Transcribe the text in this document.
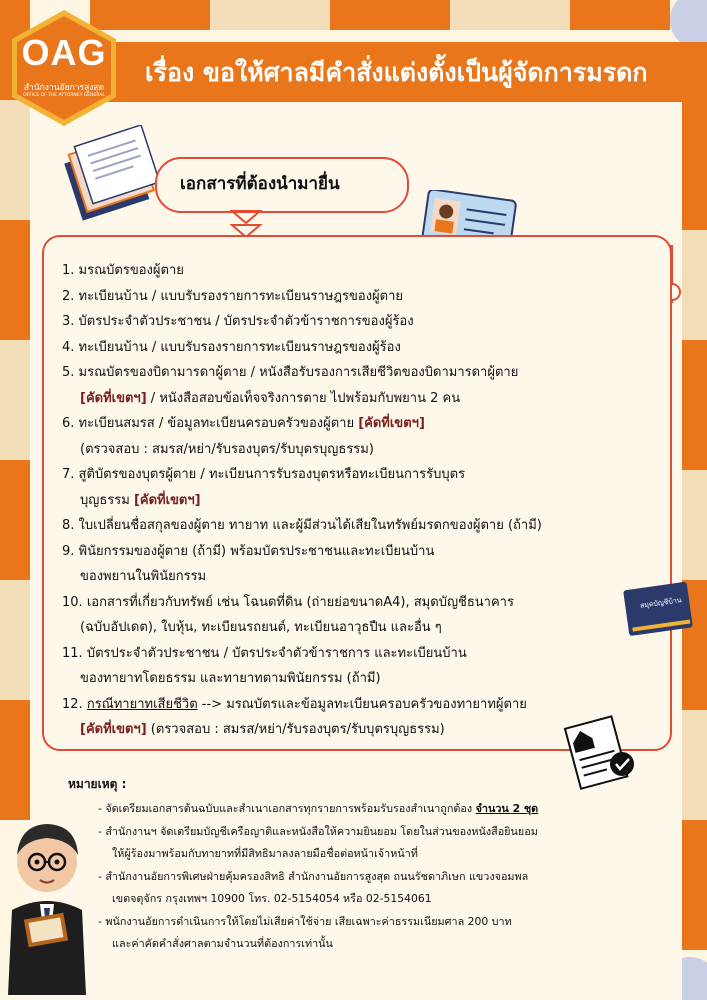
เรื่อง ขอให้ศาลมีคำสั่งแต่งตั้งเป็นผู้จัดการมรดก
OAG
สำนักงานอัยการสูงสุด
OFFICE OF THE ATTORNEY GENERAL
เอกสารที่ต้องนำมายื่น
1. มรณบัตรของผู้ตาย
2. ทะเบียนบ้าน / แบบรับรองรายการทะเบียนราษฎรของผู้ตาย
3. บัตรประจำตัวประชาชน / บัตรประจำตัวข้าราชการของผู้ร้อง
4. ทะเบียนบ้าน / แบบรับรองรายการทะเบียนราษฎรของผู้ร้อง
5. มรณบัตรของบิดามารดาผู้ตาย / หนังสือรับรองการเสียชีวิตของบิดามารดาผู้ตาย
[คัดที่เขตฯ] / หนังสือสอบข้อเท็จจริงการตาย ไปพร้อมกับพยาน 2 คน
6. ทะเบียนสมรส / ข้อมูลทะเบียนครอบครัวของผู้ตาย [คัดที่เขตฯ]
(ตรวจสอบ : สมรส/หย่า/รับรองบุตร/รับบุตรบุญธรรม)
7. สูติบัตรของบุตรผู้ตาย / ทะเบียนการรับรองบุตรหรือทะเบียนการรับบุตร
บุญธรรม [คัดที่เขตฯ]
8. ใบเปลี่ยนชื่อสกุลของผู้ตาย ทายาท และผู้มีส่วนได้เสียในทรัพย์มรดกของผู้ตาย (ถ้ามี)
9. พินัยกรรมของผู้ตาย (ถ้ามี) พร้อมบัตรประชาชนและทะเบียนบ้าน
ของพยานในพินัยกรรม
10. เอกสารที่เกี่ยวกับทรัพย์ เช่น โฉนดที่ดิน (ถ่ายย่อขนาดA4), สมุดบัญชีธนาคาร
(ฉบับอัปเดต), ใบหุ้น, ทะเบียนรถยนต์, ทะเบียนอาวุธปืน และอื่น ๆ
11. บัตรประจำตัวประชาชน / บัตรประจำตัวข้าราชการ และทะเบียนบ้าน
ของทายาทโดยธรรม และทายาทตามพินัยกรรม (ถ้ามี)
12. กรณีทายาทเสียชีวิต --> มรณบัตรและข้อมูลทะเบียนครอบครัวของทายาทผู้ตาย
[คัดที่เขตฯ] (ตรวจสอบ : สมรส/หย่า/รับรองบุตร/รับบุตรบุญธรรม)
สมุดบัญชีบ้าน
หมายเหตุ :
- จัดเตรียมเอกสารต้นฉบับและสำเนาเอกสารทุกรายการพร้อมรับรองสำเนาถูกต้อง จำนวน 2 ชุด
- สำนักงานฯ จัดเตรียมบัญชีเครือญาติและหนังสือให้ความยินยอม โดยในส่วนของหนังสือยินยอม
ให้ผู้ร้องมาพร้อมกับทายาทที่มีสิทธิมาลงลายมือชื่อต่อหน้าเจ้าหน้าที่
- สำนักงานอัยการพิเศษฝ่ายคุ้มครองสิทธิ สำนักงานอัยการสูงสุด ถนนรัชดาภิเษก แขวงจอมพล
เขตจตุจักร กรุงเทพฯ 10900 โทร. 02-5154054 หรือ 02-5154061
- พนักงานอัยการดำเนินการให้โดยไม่เสียค่าใช้จ่าย เสียเฉพาะค่าธรรมเนียมศาล 200 บาท
และค่าคัดคำสั่งศาลตามจำนวนที่ต้องการเท่านั้น
